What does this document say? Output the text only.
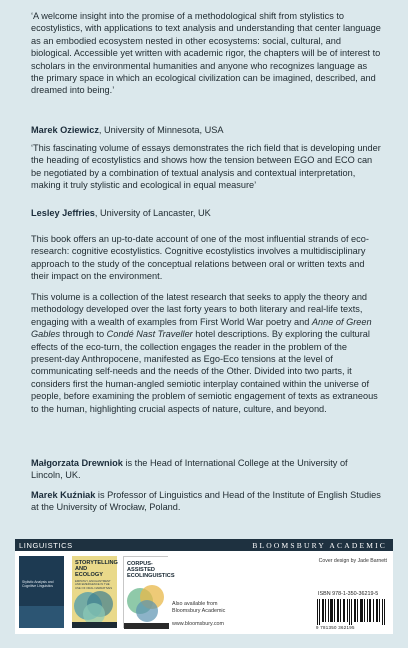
‘A welcome insight into the promise of a methodological shift from stylistics to ecostylistics, with applications to text analysis and understanding that center language as an embodied ecosystem nested in other ecosystems: social, cultural, and biological. Accessible yet written with academic rigor, the chapters will be of interest to scholars in the environmental humanities and anyone who recognizes language as the primary space in which an ecological civilization can be imagined, described, and dreamed into being.’

Marek Oziewicz, University of Minnesota, USA

‘This fascinating volume of essays demonstrates the rich field that is developing under the heading of ecostylistics and shows how the tension between EGO and ECO can be negotiated by a combination of textual analysis and contextual interpretation, making it truly stylistic and ecological in equal measure’

Lesley Jeffries, University of Lancaster, UK

This book offers an up-to-date account of one of the most influential strands of eco-research: cognitive ecostylistics. Cognitive ecostylistics involves a multidisciplinary approach to the study of the conceptual relations between oral or written texts and their impact on the environment.

This volume is a collection of the latest research that seeks to apply the theory and methodology developed over the last forty years to both literary and real-life texts, engaging with a wealth of examples from First World War poetry and Anne of Green Gables through to Condé Nast Traveller hotel descriptions. By exploring the cultural effects of the eco-turn, the collection engages the reader in the problem of the present-day Anthropocene, manifested as Ego-Eco tensions at the level of communicating self-needs and the needs of the Other. Divided into two parts, it considers first the human-angled semiotic interplay contained within the universe of people, before examining the problem of semiotic engagement of texts as extraneous to the human, highlighting crucial aspects of nature, culture, and beyond.

Małgorzata Drewniok is the Head of International College at the University of Lincoln, UK.

Marek Kuźniak is Professor of Linguistics and Head of the Institute of English Studies at the University of Wrocław, Poland.

LINGUISTICS	BLOOMSBURY ACADEMIC
Stylistic Analysis and Cognitive Linguistics
STORYTELLING AND ECOLOGY
EMPATHY, ENCHANTMENT AND EMERGENCE IN THE USE OF ORAL NARRATIVES
CORPUS-ASSISTED ECOLINGUISTICS
Also available from
Bloomsbury Academic
www.bloomsbury.com
Cover design by Jade Barnett
ISBN 978-1-350-36219-5
9 781350 362195
